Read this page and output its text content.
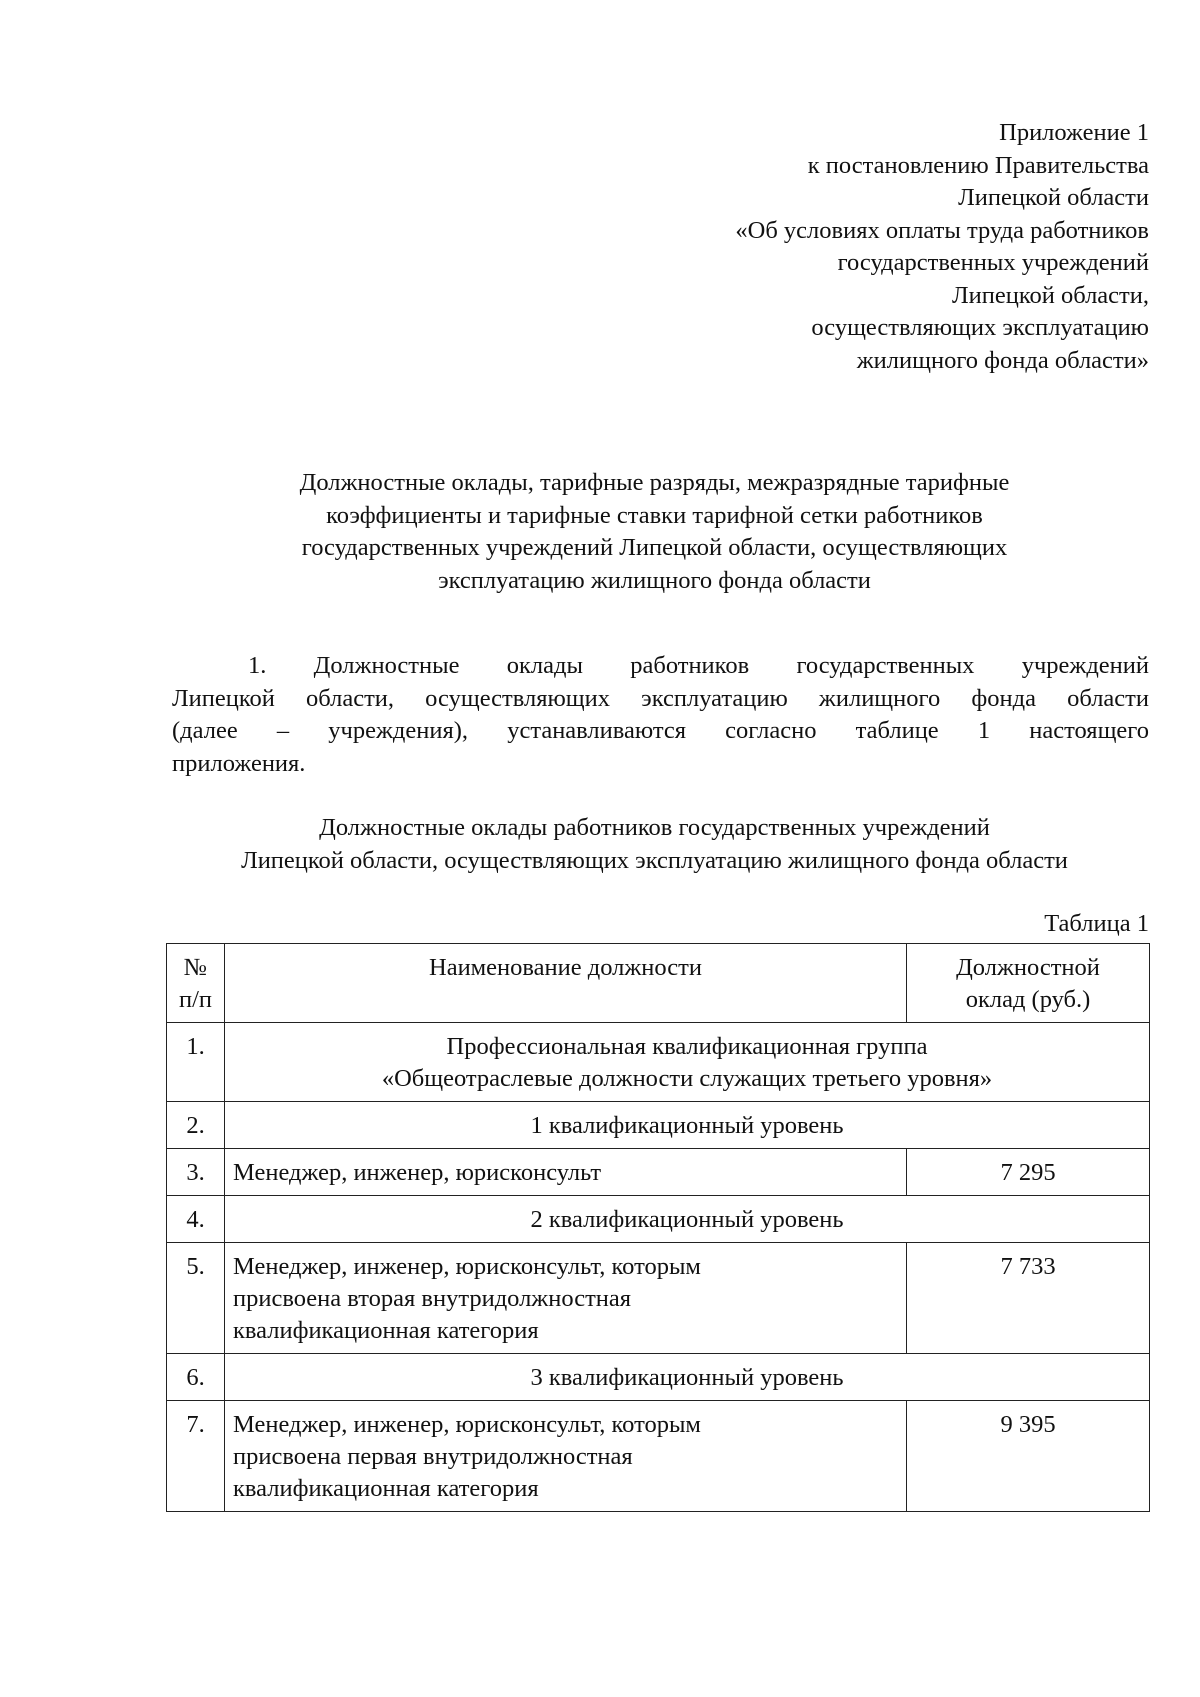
Приложение 1
к постановлению Правительства
Липецкой области
«Об условиях оплаты труда работников
государственных учреждений
Липецкой области,
осуществляющих эксплуатацию
жилищного фонда области»
Должностные оклады, тарифные разряды, межразрядные тарифные
коэффициенты и тарифные ставки тарифной сетки работников
государственных учреждений Липецкой области, осуществляющих
эксплуатацию жилищного фонда области
1. Должностные оклады работников государственных учреждений
Липецкой области, осуществляющих эксплуатацию жилищного фонда области
(далее – учреждения), устанавливаются согласно таблице 1 настоящего
приложения.
Должностные оклады работников государственных учреждений
Липецкой области, осуществляющих эксплуатацию жилищного фонда области
Таблица 1
№
п/п	Наименование должности	Должностной
оклад (руб.)

1.	Профессиональная квалификационная группа
«Общеотраслевые должности служащих третьего уровня»	

2.	1 квалификационный уровень	

3.	Менеджер, инженер, юрисконсульт	7 295
4.	2 квалификационный уровень	

5.	Менеджер, инженер, юрисконсульт, которым
присвоена вторая внутридолжностная
квалификационная категория	7 733
6.	3 квалификационный уровень	

7.	Менеджер, инженер, юрисконсульт, которым
присвоена первая внутридолжностная
квалификационная категория	9 395
